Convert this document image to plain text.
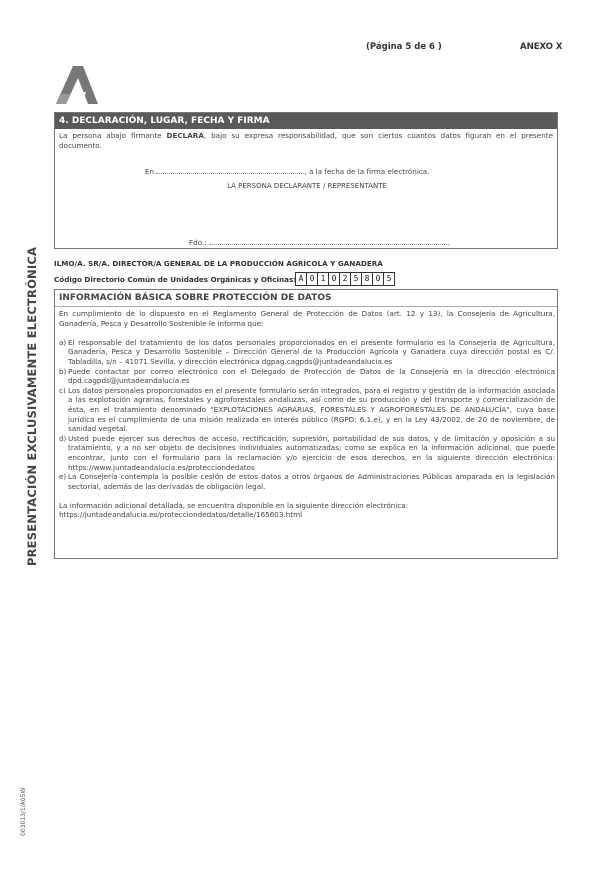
(Página 5 de 6 )	ANEXO X
PRESENTACIÓN EXCLUSIVAMENTE ELECTRÓNICA
003013/1/A05W
4. DECLARACIÓN, LUGAR, FECHA Y FIRMA
La persona abajo firmante DECLARA, bajo su expresa responsabilidad, que son ciertos cuantos datos figuran en el presente documento.
En	, a la fecha de la firma electrónica.
LA PERSONA DECLARANTE / REPRESENTANTE
Fdo.:
ILMO/A. SR/A. DIRECTOR/A GENERAL DE LA PRODUCCIÓN AGRÍCOLA Y GANADERA
Código Directorio Común de Unidades Orgánicas y Oficinas: A 0 1 0 2 5 8 0 5
INFORMACIÓN BÁSICA SOBRE PROTECCIÓN DE DATOS
En cumplimiento de lo dispuesto en el Reglamento General de Protección de Datos (art. 12 y 13), la Consejería de Agricultura, Ganadería, Pesca y Desarrollo Sostenible le informa que:
a) El responsable del tratamiento de los datos personales proporcionados en el presente formulario es la Consejería de Agricultura, Ganadería, Pesca y Desarrollo Sostenible – Dirección General de la Producción Agrícola y Ganadera cuya dirección postal es C/. Tabladilla, s/n – 41071 Sevilla, y dirección electrónica dgpag.cagpds@juntadeandalucia.es
b) Puede contactar por correo electrónico con el Delegado de Protección de Datos de la Consejería en la dirección electrónica dpd.cagpds@juntadeandalucia.es
c) Los datos personales proporcionados en el presente formulario serán integrados, para el registro y gestión de la información asociada a las explotación agrarias, forestales y agroforestales andaluzas, así como de su producción y del transporte y comercialización de ésta, en el tratamiento denominado "EXPLOTACIONES AGRARIAS, FORESTALES Y AGROFORESTALES DE ANDALUCÍA", cuya base jurídica es el cumplimiento de una misión realizada en interés público (RGPD: 6.1.e), y en la Ley 43/2002, de 20 de noviembre, de sanidad vegetal.
d) Usted puede ejercer sus derechos de acceso, rectificación, supresión, portabilidad de sus datos, y de limitación y oposición a su tratamiento, y a no ser objeto de decisiones individuales automatizadas; como se explica en la información adicional, que puede encontrar, junto con el formulario para la reclamación y/o ejercicio de esos derechos, en la siguiente dirección electrónica: https://www.juntadeandalucia.es/protecciondedatos
e) La Consejería contempla la posible cesión de estos datos a otros órganos de Administraciones Públicas amparada en la legislación sectorial, además de las derivadas de obligación legal.
La información adicional detallada, se encuentra disponible en la siguiente dirección electrónica:
https://juntadeandalucia.es/protecciondedatos/detalle/165603.html
